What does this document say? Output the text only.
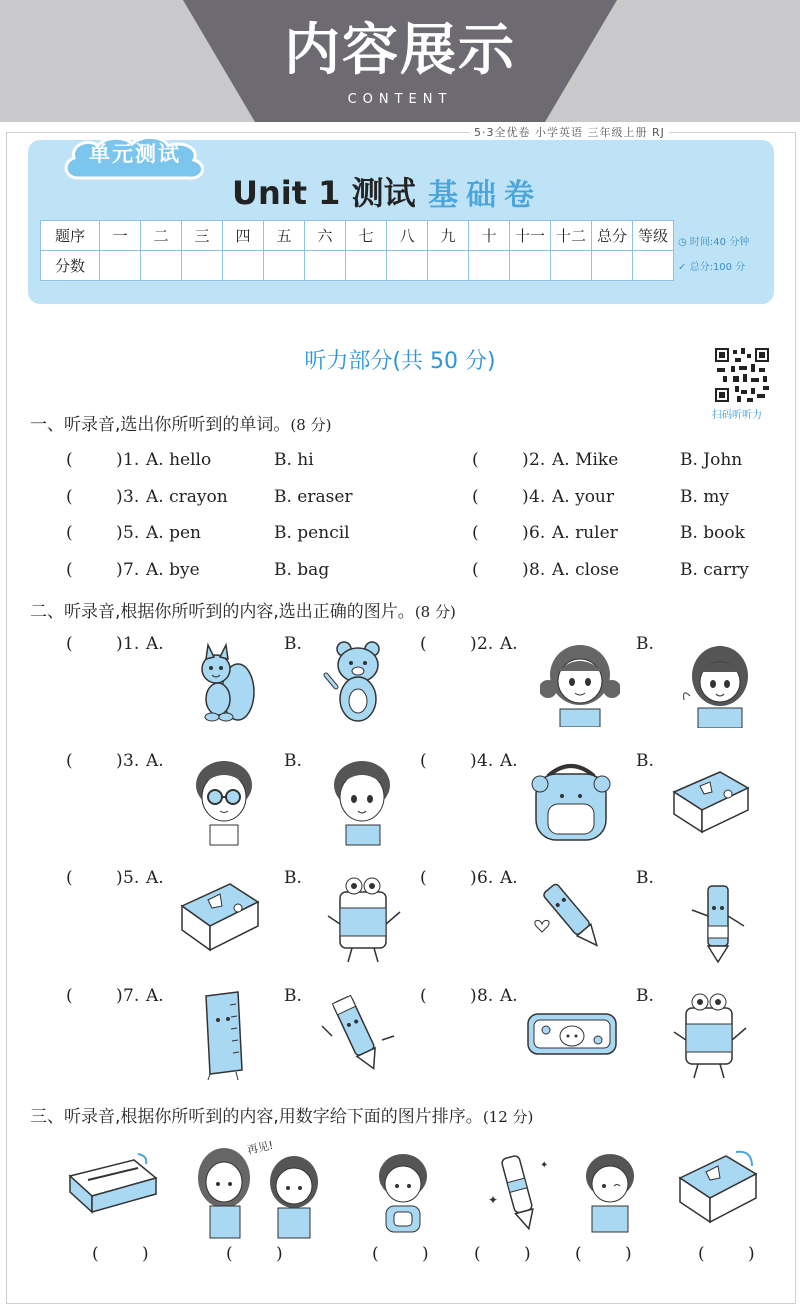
内容展示
CONTENT
5·3全优卷 小学英语 三年级上册 RJ
单元测试
Unit 1 测试 基础卷
题序	一	二	三	四	五	六	七	八	九	十	十一	十二	总分	等级
分数														
◷ 时间:40 分钟
✓ 总分:100 分
听力部分(共 50 分)
扫码听听力
一、听录音,选出你所听到的单词。(8 分)
(	) 1. A. hello	B. hi	(	) 2. A. Mike	B. John
(	) 3. A. crayon	B. eraser	(	) 4. A. your	B. my
(	) 5. A. pen	B. pencil	(	) 6. A. ruler	B. book
(	) 7. A. bye	B. bag	(	) 8. A. close	B. carry
二、听录音,根据你所听到的内容,选出正确的图片。(8 分)
(	) 1. A.	B.	(	) 2. A.	B.
(	) 3. A.	B.	(	) 4. A.	B.
(	) 5. A.	B.	(	) 6. A.	B.
(	) 7. A.	B.	(	) 8. A.	B.
三、听录音,根据你所听到的内容,用数字给下面的图片排序。(12 分)
再见!
✦
✦
(	)	(	)	(	)	(	)	(	)	(	)
